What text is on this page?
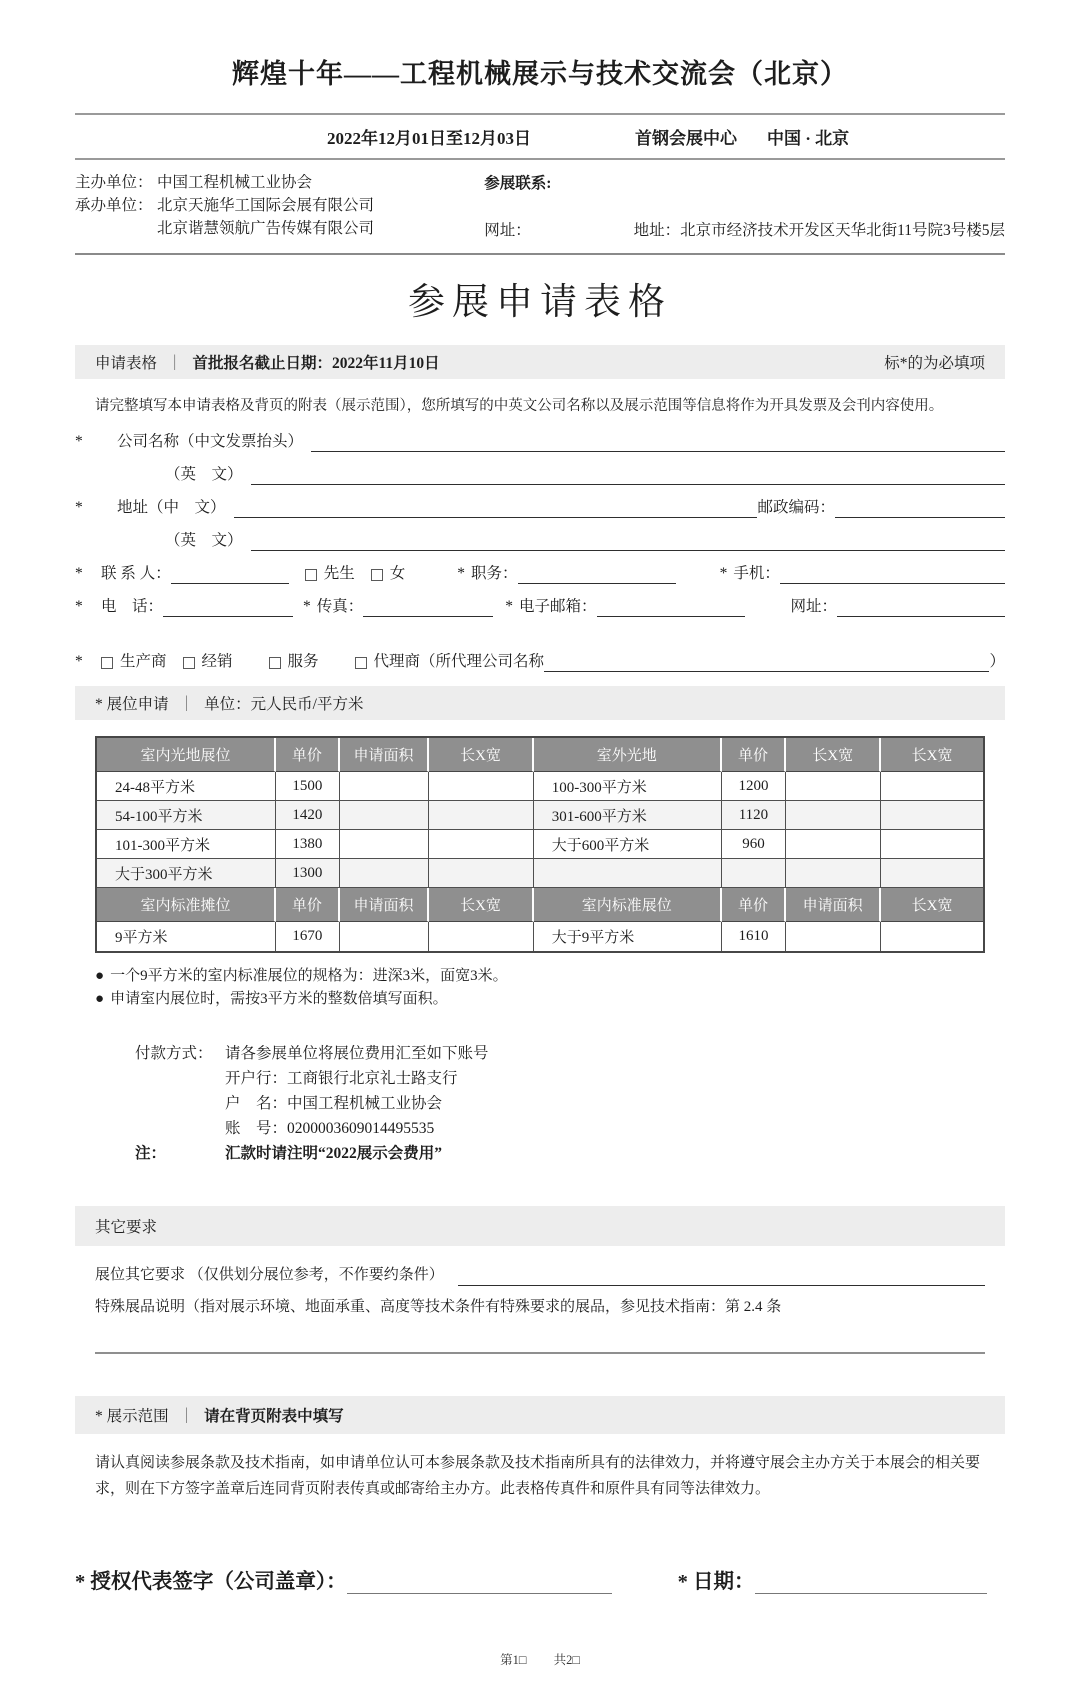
辉煌十年——工程机械展示与技术交流会（北京）
2022年12月01日至12月03日	首钢会展中心 中国 · 北京
主办单位： 中国工程机械工业协会
承办单位： 北京天施华工国际会展有限公司
北京谐慧领航广告传媒有限公司
参展联系:
网址：	地址：北京市经济技术开发区天华北街11号院3号楼5层
参展申请表格
申请表格 ｜ 首批报名截止日期：2022年11月10日	标*的为必填项

请完整填写本申请表格及背页的附表（展示范围），您所填写的中英文公司名称以及展示范围等信息将作为开具发票及会刊内容使用。

*	公司名称（中文发票抬头）
（英　文）
*	地址（中　文）	邮政编码：
（英　文）
*	联 系 人：	先生 女	* 职务：	* 手机：
*	电　话：	* 传真：	* 电子邮箱：	网址：
*	生产商 经销	服务	代理商（所代理公司名称	）
* 展位申请 ｜ 单位：元人民币/平方米
室内光地展位	单价	申请面积	长X宽	室外光地	单价	长X宽	长X宽
24-48平方米	1500			100-300平方米	1200		
54-100平方米	1420			301-600平方米	1120		
101-300平方米	1380			大于600平方米	960		
大于300平方米	1300						
室内标准摊位	单价	申请面积	长X宽	室内标准展位	单价	申请面积	长X宽
9平方米	1670			大于9平方米	1610		
● 一个9平方米的室内标准展位的规格为：进深3米，面宽3米。
● 申请室内展位时，需按3平方米的整数倍填写面积。
付款方式： 请各参展单位将展位费用汇至如下账号
开户行：工商银行北京礼士路支行
户　名：中国工程机械工业协会
账　号：0200003609014495535
注：	汇款时请注明“2022展示会费用”
其它要求
展位其它要求 （仅供划分展位参考，不作要约条件）
特殊展品说明（指对展示环境、地面承重、高度等技术条件有特殊要求的展品，参见技术指南：第 2.4 条
* 展示范围 ｜ 请在背页附表中填写

请认真阅读参展条款及技术指南，如申请单位认可本参展条款及技术指南所具有的法律效力，并将遵守展会主办方关于本展会的相关要求，则在下方签字盖章后连同背页附表传真或邮寄给主办方。此表格传真件和原件具有同等法律效力。

* 授权代表签字（公司盖章）：	* 日期：
第1□ 共2□
